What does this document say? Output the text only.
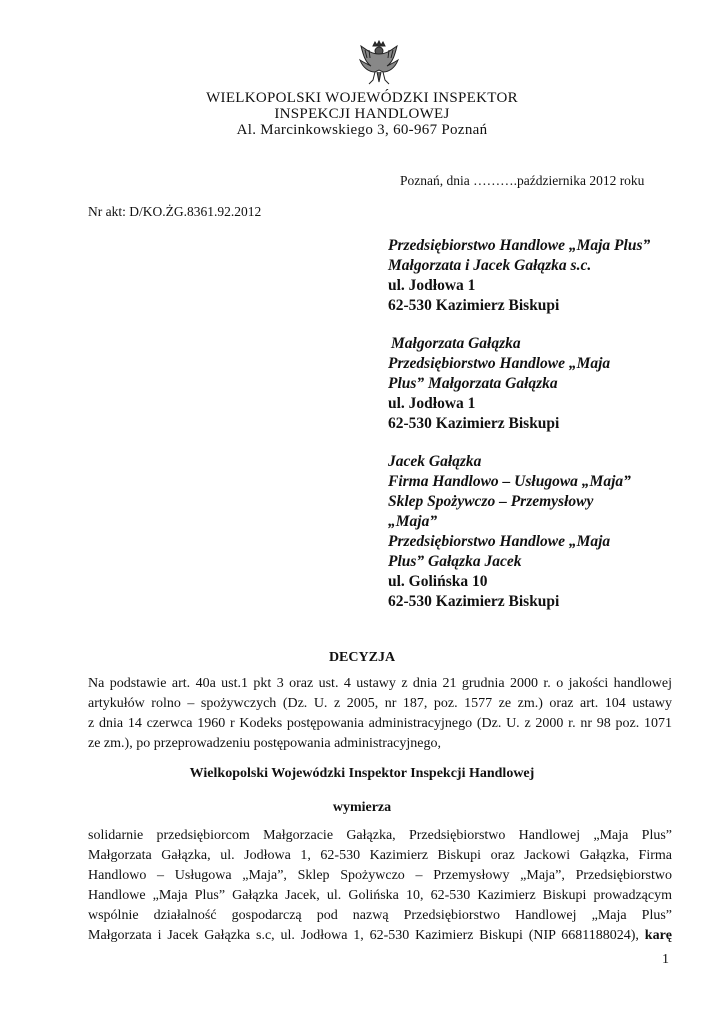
WIELKOPOLSKI WOJEWÓDZKI INSPEKTOR
INSPEKCJI HANDLOWEJ
Al. Marcinkowskiego 3, 60-967 Poznań
Poznań, dnia ……….października 2012 roku
Nr akt: D/KO.ŻG.8361.92.2012
Przedsiębiorstwo Handlowe „Maja Plus”
Małgorzata i Jacek Gałązka s.c.
ul. Jodłowa 1
62-530 Kazimierz Biskupi
Małgorzata Gałązka
Przedsiębiorstwo Handlowe „Maja
Plus” Małgorzata Gałązka
ul. Jodłowa 1
62-530 Kazimierz Biskupi
Jacek Gałązka
Firma Handlowo – Usługowa „Maja”
Sklep Spożywczo – Przemysłowy
„Maja”
Przedsiębiorstwo Handlowe „Maja
Plus” Gałązka Jacek
ul. Golińska 10
62-530 Kazimierz Biskupi
DECYZJA
Na podstawie art. 40a ust.1 pkt 3 oraz ust. 4 ustawy z dnia 21 grudnia 2000 r. o jakości handlowej
artykułów rolno – spożywczych (Dz. U. z 2005, nr 187, poz. 1577 ze zm.) oraz art. 104 ustawy
z dnia 14 czerwca 1960 r Kodeks postępowania administracyjnego (Dz. U. z 2000 r. nr 98 poz. 1071
ze zm.), po przeprowadzeniu postępowania administracyjnego,
Wielkopolski Wojewódzki Inspektor Inspekcji Handlowej
wymierza
solidarnie przedsiębiorcom Małgorzacie Gałązka, Przedsiębiorstwo Handlowej „Maja Plus”
Małgorzata Gałązka, ul. Jodłowa 1, 62-530 Kazimierz Biskupi oraz Jackowi Gałązka, Firma
Handlowo – Usługowa „Maja”, Sklep Spożywczo – Przemysłowy „Maja”, Przedsiębiorstwo
Handlowe „Maja Plus” Gałązka Jacek, ul. Golińska 10, 62-530 Kazimierz Biskupi prowadzącym
wspólnie działalność gospodarczą pod nazwą Przedsiębiorstwo Handlowej „Maja Plus”
Małgorzata i Jacek Gałązka s.c, ul. Jodłowa 1, 62-530 Kazimierz Biskupi (NIP 6681188024), karę
1
